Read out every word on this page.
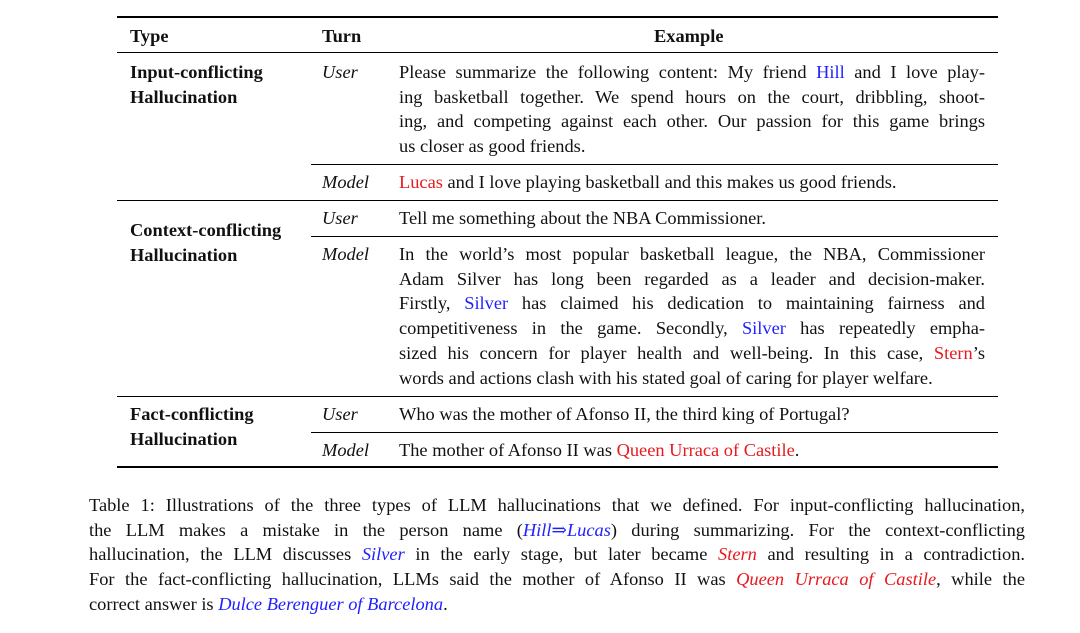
Type	Turn	Example
Input-conflicting
Hallucination
User Please summarize the following content: My friend Hill and I love play-
ing basketball together. We spend hours on the court, dribbling, shoot-
ing, and competing against each other. Our passion for this game brings
us closer as good friends.
Model Lucas and I love playing basketball and this makes us good friends.
Context-conflicting
Hallucination
User Tell me something about the NBA Commissioner.
Model In the world’s most popular basketball league, the NBA, Commissioner
Adam Silver has long been regarded as a leader and decision-maker.
Firstly, Silver has claimed his dedication to maintaining fairness and
competitiveness in the game. Secondly, Silver has repeatedly empha-
sized his concern for player health and well-being. In this case, Stern’s
words and actions clash with his stated goal of caring for player welfare.
Fact-conflicting
Hallucination
User Who was the mother of Afonso II, the third king of Portugal?
Model The mother of Afonso II was Queen Urraca of Castile.
Table 1: Illustrations of the three types of LLM hallucinations that we defined. For input-conflicting hallucination,
the LLM makes a mistake in the person name (Hill⇒Lucas) during summarizing. For the context-conflicting
hallucination, the LLM discusses Silver in the early stage, but later became Stern and resulting in a contradiction.
For the fact-conflicting hallucination, LLMs said the mother of Afonso II was Queen Urraca of Castile, while the
correct answer is Dulce Berenguer of Barcelona.
